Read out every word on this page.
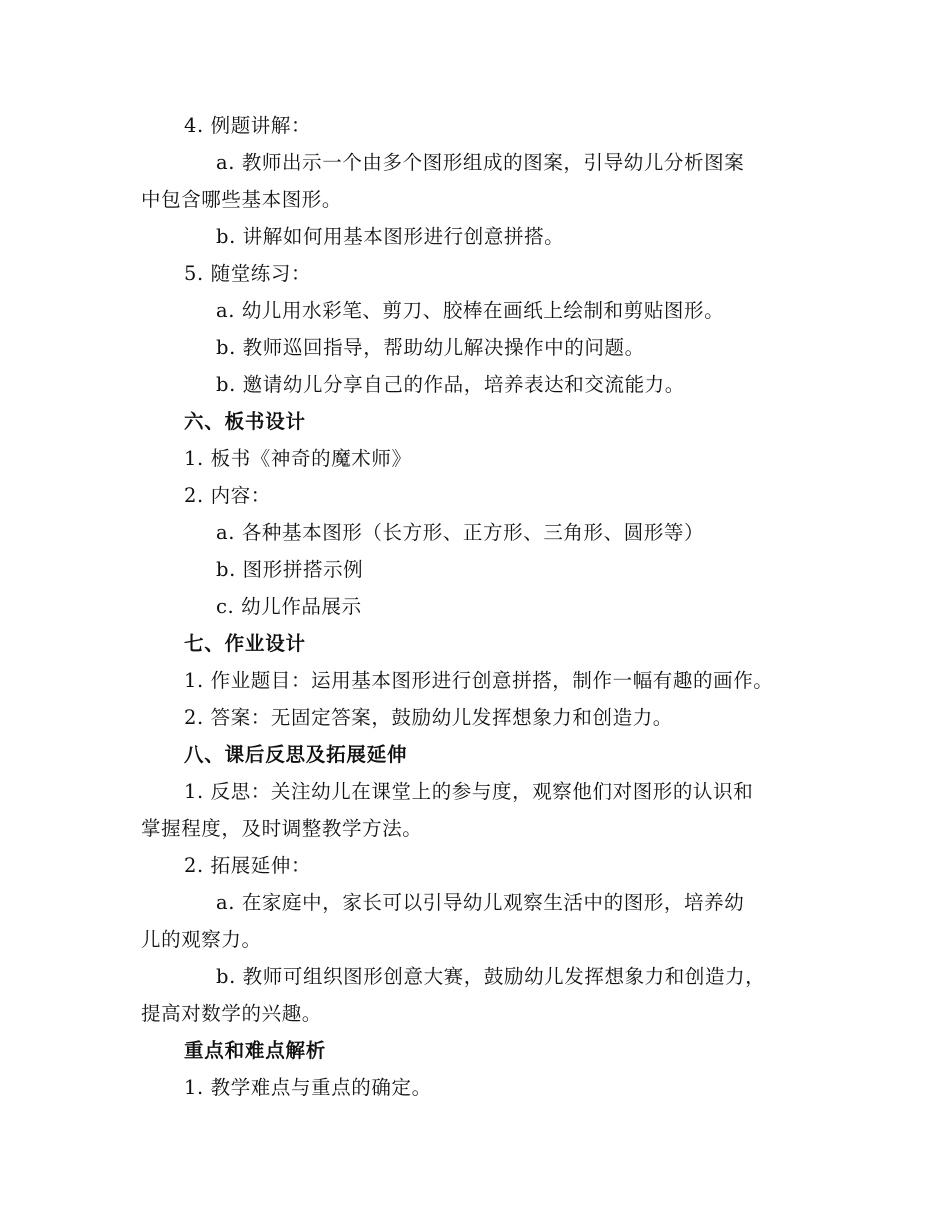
4. 例题讲解：
a. 教师出示一个由多个图形组成的图案，引导幼儿分析图案
中包含哪些基本图形。
b. 讲解如何用基本图形进行创意拼搭。
5. 随堂练习：
a. 幼儿用水彩笔、剪刀、胶棒在画纸上绘制和剪贴图形。
b. 教师巡回指导，帮助幼儿解决操作中的问题。
b. 邀请幼儿分享自己的作品，培养表达和交流能力。
六、板书设计
1. 板书《神奇的魔术师》
2. 内容：
a. 各种基本图形（长方形、正方形、三角形、圆形等）
b. 图形拼搭示例
c. 幼儿作品展示
七、作业设计
1. 作业题目：运用基本图形进行创意拼搭，制作一幅有趣的画作。
2. 答案：无固定答案，鼓励幼儿发挥想象力和创造力。
八、课后反思及拓展延伸
1. 反思：关注幼儿在课堂上的参与度，观察他们对图形的认识和
掌握程度，及时调整教学方法。
2. 拓展延伸：
a. 在家庭中，家长可以引导幼儿观察生活中的图形，培养幼
儿的观察力。
b. 教师可组织图形创意大赛，鼓励幼儿发挥想象力和创造力，
提高对数学的兴趣。
重点和难点解析
1. 教学难点与重点的确定。
